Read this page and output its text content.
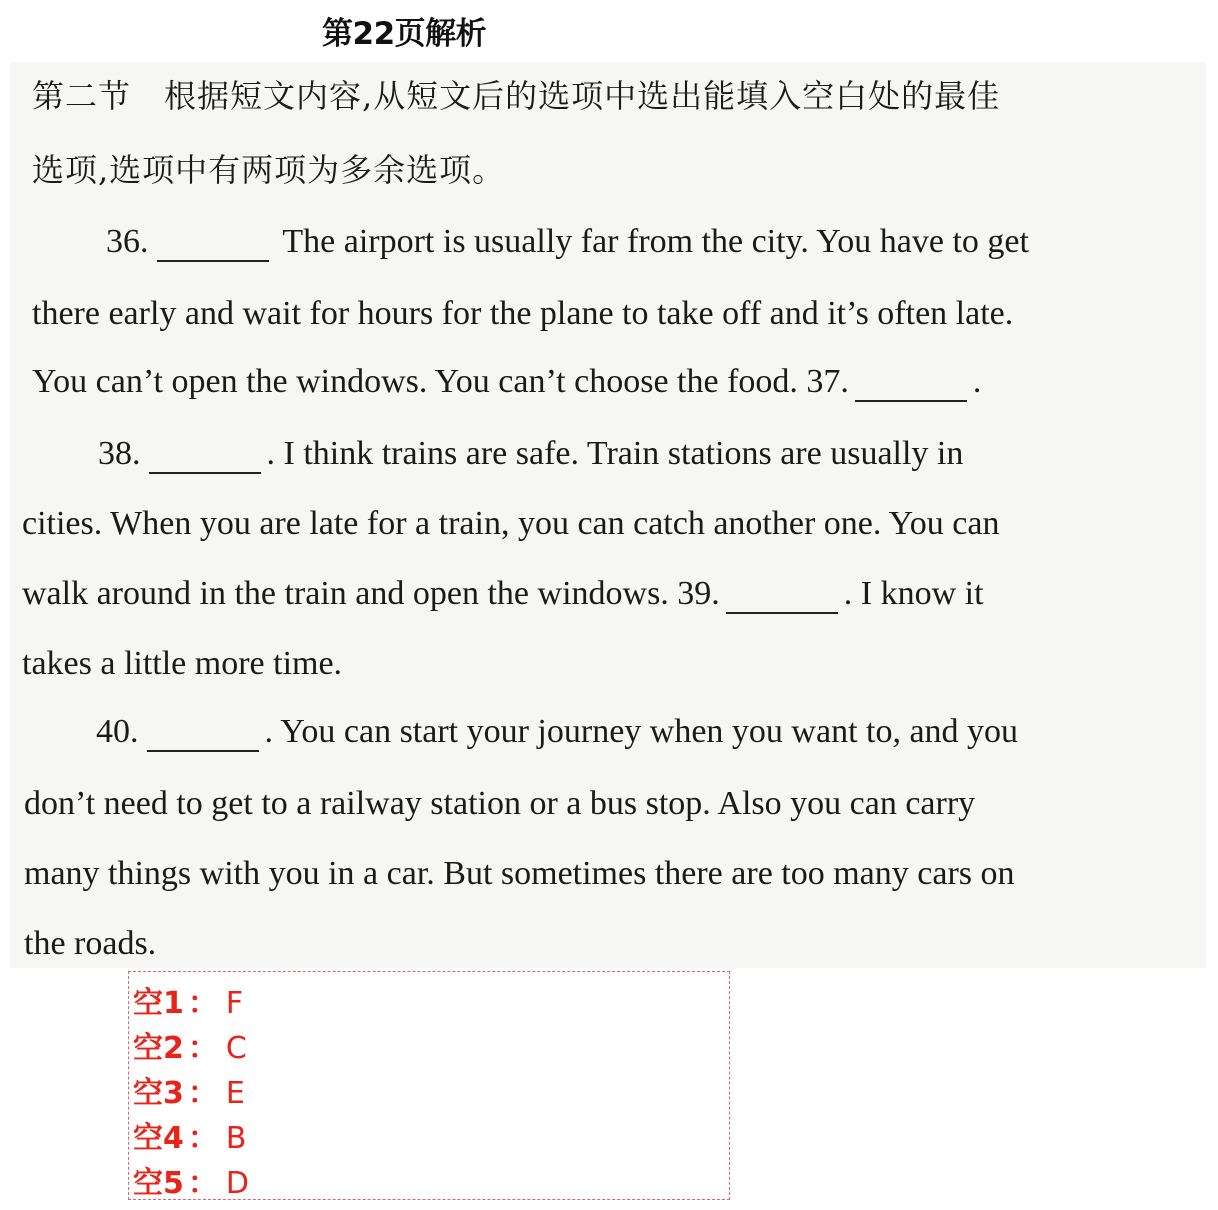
第22页解析
第二节　根据短文内容,从短文后的选项中选出能填入空白处的最佳
选项,选项中有两项为多余选项。
36.	The airport is usually far from the city. You have to get
there early and wait for hours for the plane to take off and it’s often late.
You can’t open the windows. You can’t choose the food. 37.	.
38.	. I think trains are safe. Train stations are usually in
cities. When you are late for a train, you can catch another one. You can
walk around in the train and open the windows. 39.	. I know it
takes a little more time.
40.	. You can start your journey when you want to, and you
don’t need to get to a railway station or a bus stop. Also you can carry
many things with you in a car. But sometimes there are too many cars on
the roads.
空1 ： F
空2 ： C
空3 ： E
空4 ： B
空5 ： D
